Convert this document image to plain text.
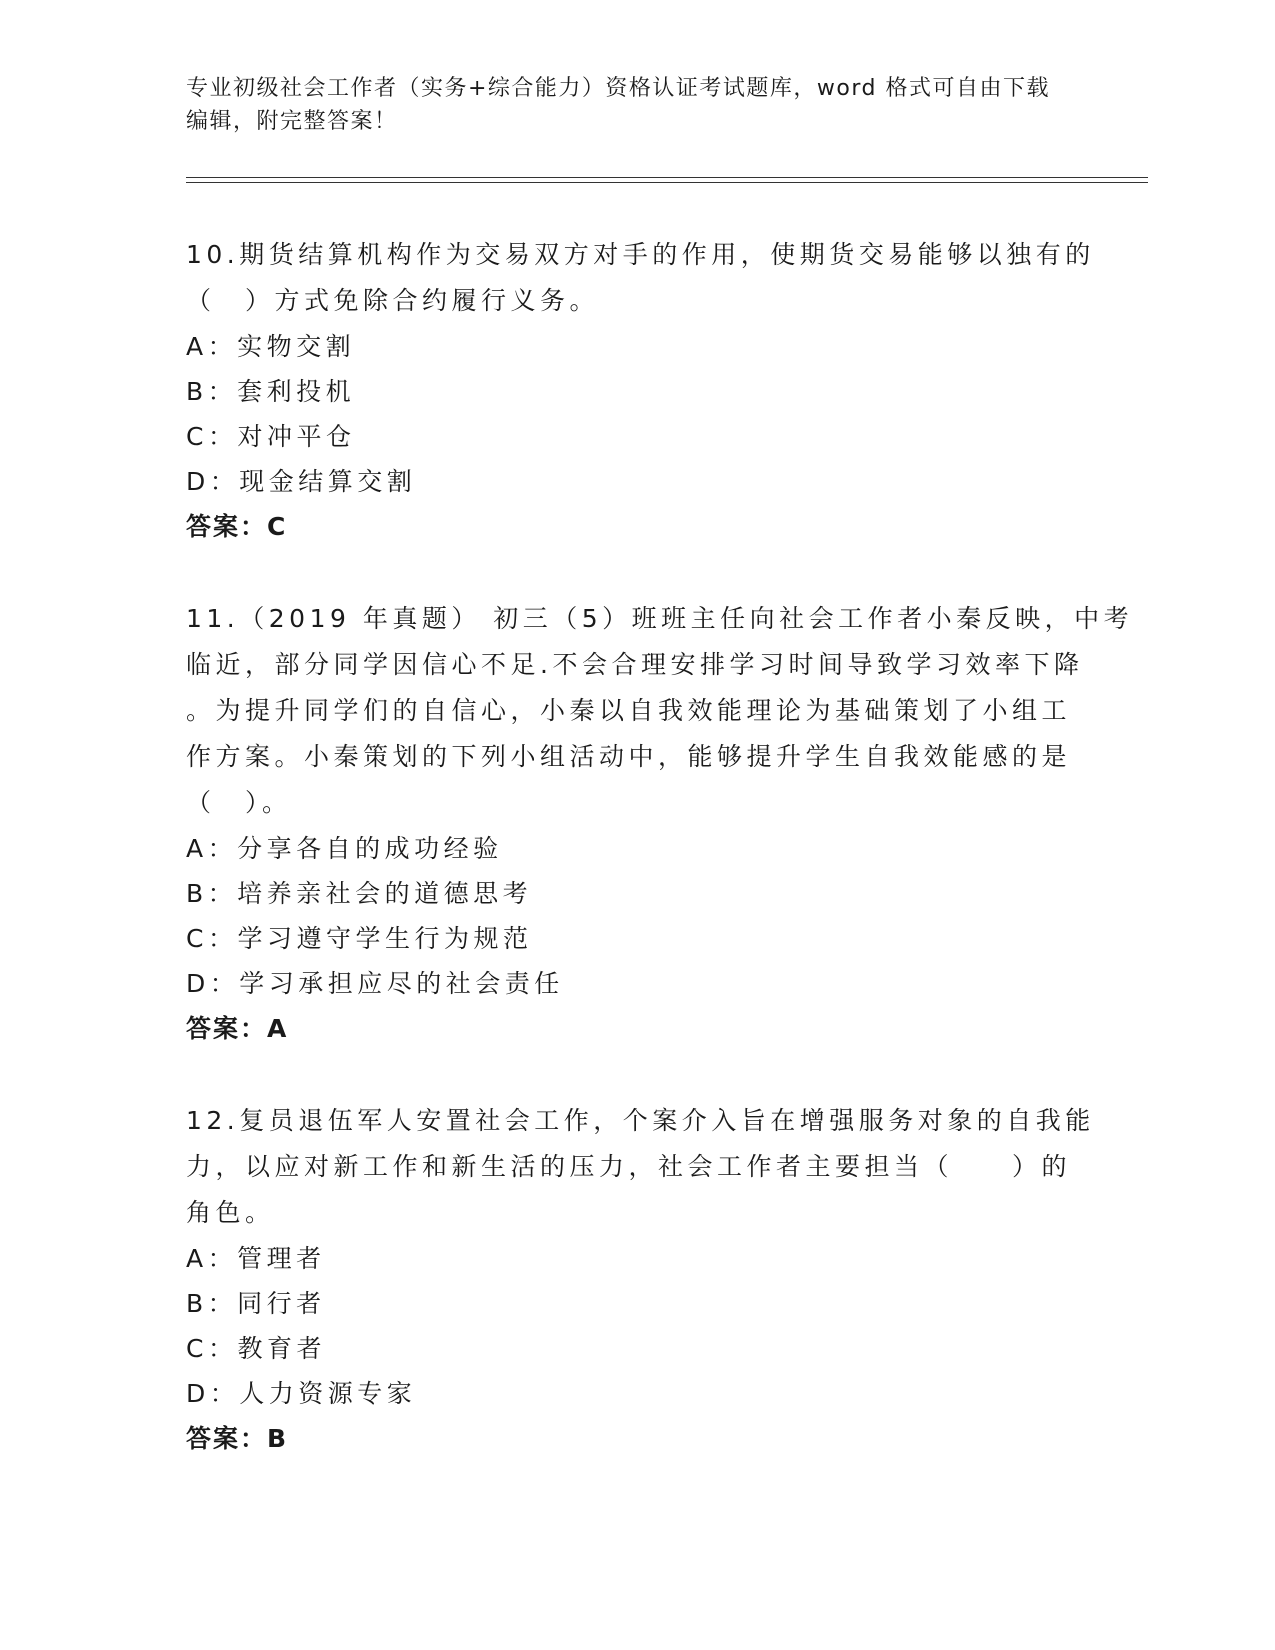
专业初级社会工作者（实务+综合能力）资格认证考试题库，word 格式可自由下载
编辑，附完整答案！

10.期货结算机构作为交易双方对手的作用，使期货交易能够以独有的
（　）方式免除合约履行义务。

A：实物交割
B：套利投机
C：对冲平仓
D：现金结算交割
答案：C

11.（2019 年真题） 初三（5）班班主任向社会工作者小秦反映，中考
临近，部分同学因信心不足.不会合理安排学习时间导致学习效率下降
。为提升同学们的自信心，小秦以自我效能理论为基础策划了小组工
作方案。小秦策划的下列小组活动中，能够提升学生自我效能感的是
（　）。

A：分享各自的成功经验
B：培养亲社会的道德思考
C：学习遵守学生行为规范
D：学习承担应尽的社会责任
答案：A

12.复员退伍军人安置社会工作，个案介入旨在增强服务对象的自我能
力，以应对新工作和新生活的压力，社会工作者主要担当（　　）的
角色。

A：管理者
B：同行者
C：教育者
D：人力资源专家
答案：B
